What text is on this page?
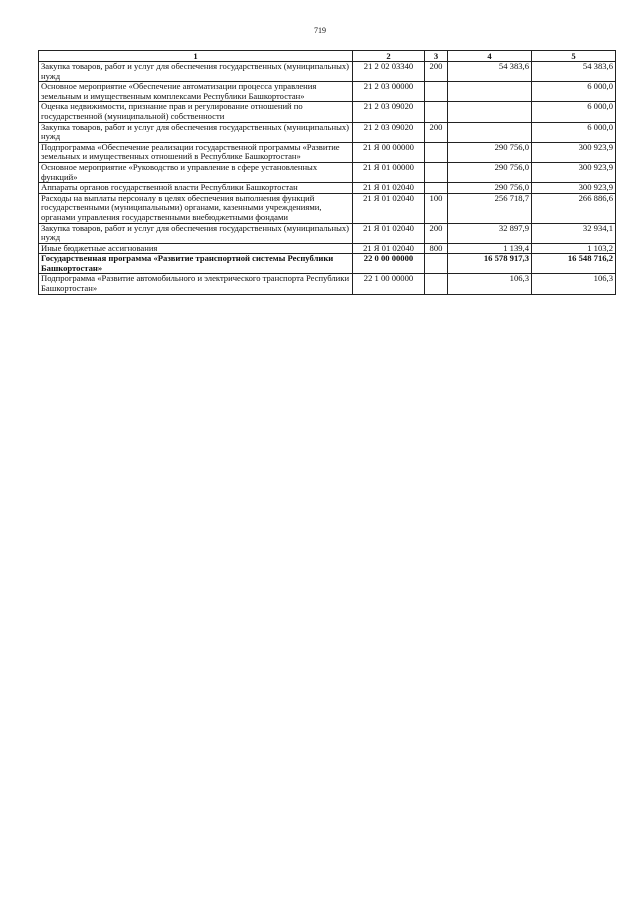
719
1	2	3	4	5
Закупка товаров, работ и услуг для обеспечения государственных (муниципальных) нужд	21 2 02 03340	200	54 383,6	54 383,6
Основное мероприятие «Обеспечение автоматизации процесса управления земельным и имущественным комплексами Республики Башкортостан»	21 2 03 00000			6 000,0
Оценка недвижимости, признание прав и регулирование отношений по государственной (муниципальной) собственности	21 2 03 09020			6 000,0
Закупка товаров, работ и услуг для обеспечения государственных (муниципальных) нужд	21 2 03 09020	200		6 000,0
Подпрограмма «Обеспечение реализации государственной программы «Развитие земельных и имущественных отношений в Республике Башкортостан»	21 Я 00 00000		290 756,0	300 923,9
Основное мероприятие «Руководство и управление в сфере установленных функций»	21 Я 01 00000		290 756,0	300 923,9
Аппараты органов государственной власти Республики Башкортостан	21 Я 01 02040		290 756,0	300 923,9
Расходы на выплаты персоналу в целях обеспечения выполнения функций государственными (муниципальными) органами, казенными учреждениями, органами управления государственными внебюджетными фондами	21 Я 01 02040	100	256 718,7	266 886,6
Закупка товаров, работ и услуг для обеспечения государственных (муниципальных) нужд	21 Я 01 02040	200	32 897,9	32 934,1
Иные бюджетные ассигнования	21 Я 01 02040	800	1 139,4	1 103,2
Государственная программа «Развитие транспортной системы Республики Башкортостан»	22 0 00 00000		16 578 917,3	16 548 716,2
Подпрограмма «Развитие автомобильного и электрического транспорта Республики Башкортостан»	22 1 00 00000		106,3	106,3
